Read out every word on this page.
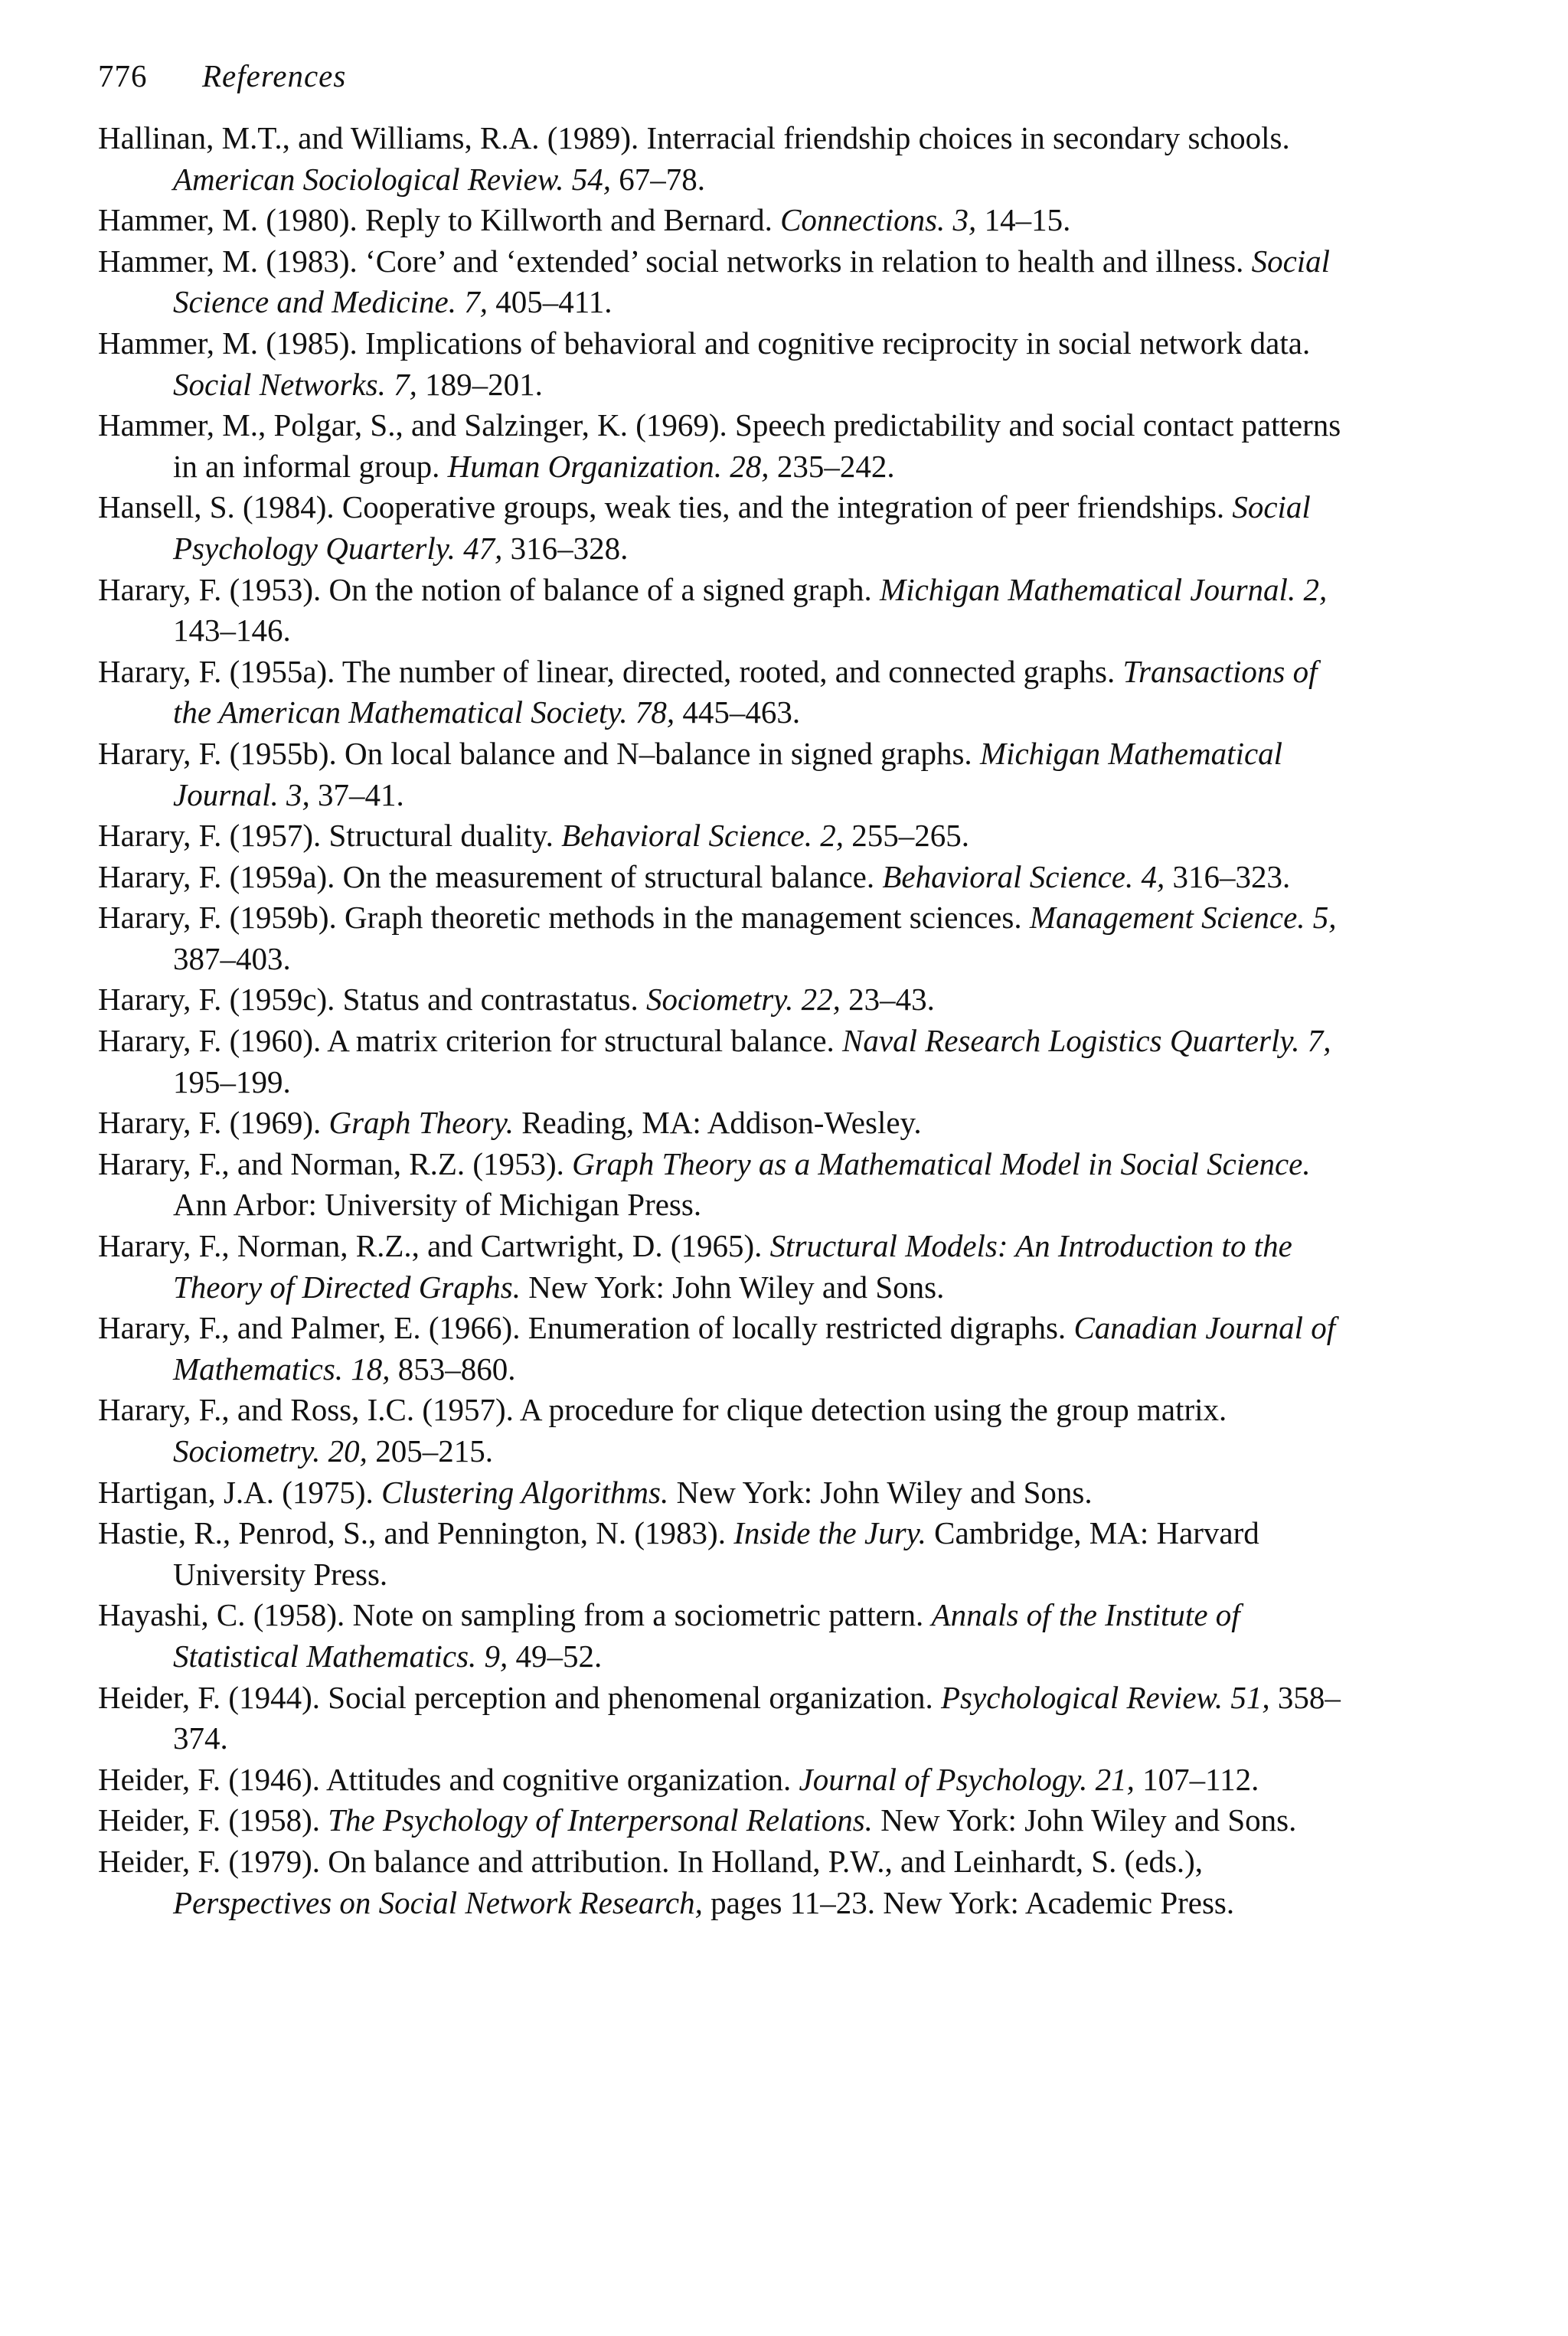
776 References
Hallinan, M.T., and Williams, R.A. (1989). Interracial friendship choices in secondary schools. American Sociological Review. 54, 67–78.
Hammer, M. (1980). Reply to Killworth and Bernard. Connections. 3, 14–15.
Hammer, M. (1983). ‘Core’ and ‘extended’ social networks in relation to health and illness. Social Science and Medicine. 7, 405–411.
Hammer, M. (1985). Implications of behavioral and cognitive reciprocity in social network data. Social Networks. 7, 189–201.
Hammer, M., Polgar, S., and Salzinger, K. (1969). Speech predictability and social contact patterns in an informal group. Human Organization. 28, 235–242.
Hansell, S. (1984). Cooperative groups, weak ties, and the integration of peer friendships. Social Psychology Quarterly. 47, 316–328.
Harary, F. (1953). On the notion of balance of a signed graph. Michigan Mathematical Journal. 2, 143–146.
Harary, F. (1955a). The number of linear, directed, rooted, and connected graphs. Transactions of the American Mathematical Society. 78, 445–463.
Harary, F. (1955b). On local balance and N–balance in signed graphs. Michigan Mathematical Journal. 3, 37–41.
Harary, F. (1957). Structural duality. Behavioral Science. 2, 255–265.
Harary, F. (1959a). On the measurement of structural balance. Behavioral Science. 4, 316–323.
Harary, F. (1959b). Graph theoretic methods in the management sciences. Management Science. 5, 387–403.
Harary, F. (1959c). Status and contrastatus. Sociometry. 22, 23–43.
Harary, F. (1960). A matrix criterion for structural balance. Naval Research Logistics Quarterly. 7, 195–199.
Harary, F. (1969). Graph Theory. Reading, MA: Addison-Wesley.
Harary, F., and Norman, R.Z. (1953). Graph Theory as a Mathematical Model in Social Science. Ann Arbor: University of Michigan Press.
Harary, F., Norman, R.Z., and Cartwright, D. (1965). Structural Models: An Introduction to the Theory of Directed Graphs. New York: John Wiley and Sons.
Harary, F., and Palmer, E. (1966). Enumeration of locally restricted digraphs. Canadian Journal of Mathematics. 18, 853–860.
Harary, F., and Ross, I.C. (1957). A procedure for clique detection using the group matrix. Sociometry. 20, 205–215.
Hartigan, J.A. (1975). Clustering Algorithms. New York: John Wiley and Sons.
Hastie, R., Penrod, S., and Pennington, N. (1983). Inside the Jury. Cambridge, MA: Harvard University Press.
Hayashi, C. (1958). Note on sampling from a sociometric pattern. Annals of the Institute of Statistical Mathematics. 9, 49–52.
Heider, F. (1944). Social perception and phenomenal organization. Psychological Review. 51, 358–374.
Heider, F. (1946). Attitudes and cognitive organization. Journal of Psychology. 21, 107–112.
Heider, F. (1958). The Psychology of Interpersonal Relations. New York: John Wiley and Sons.
Heider, F. (1979). On balance and attribution. In Holland, P.W., and Leinhardt, S. (eds.), Perspectives on Social Network Research, pages 11–23. New York: Academic Press.
